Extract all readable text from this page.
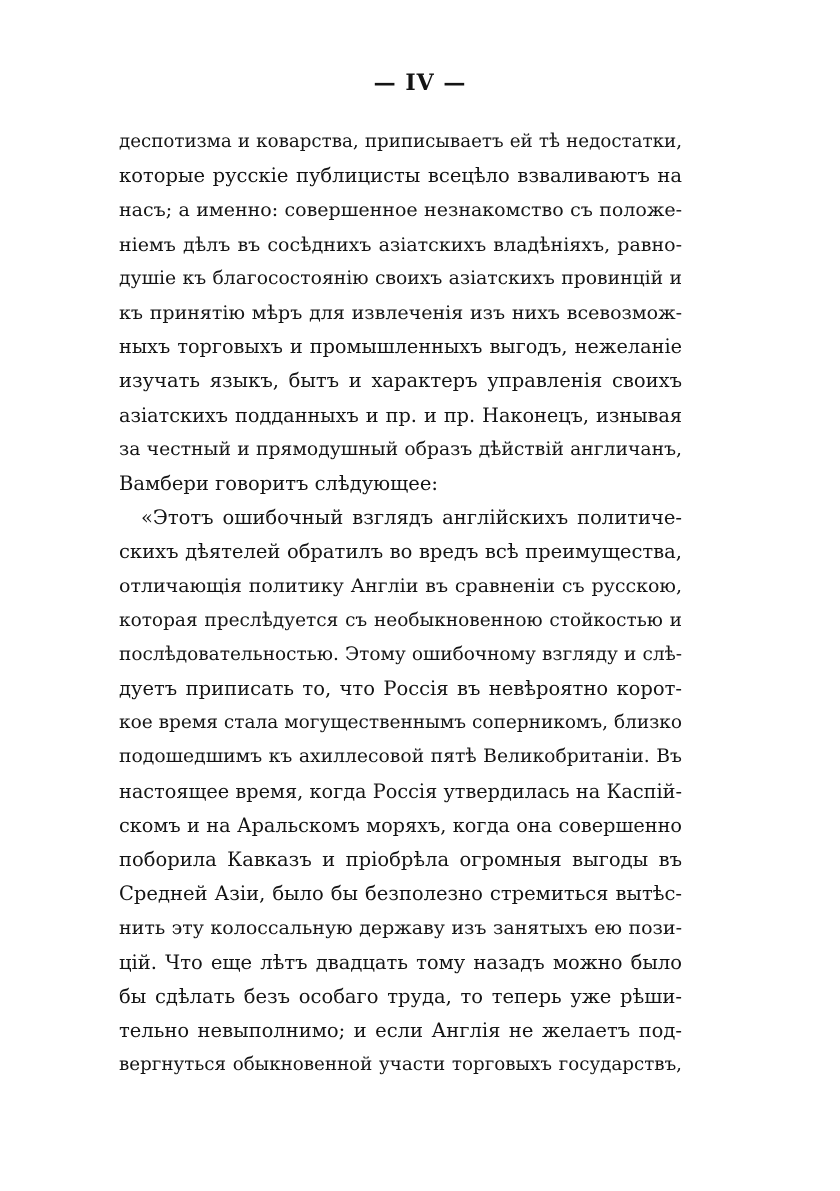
— IV —
деспотизма и коварства, приписываетъ ей тѣ недостатки,
которые русскіе публицисты всецѣло взваливаютъ на
насъ; а именно: совершенное незнакомство съ положе-
ніемъ дѣлъ въ сосѣднихъ азіатскихъ владѣніяхъ, равно-
душіе къ благосостоянію своихъ азіатскихъ провинцій и
къ принятію мѣръ для извлеченія изъ нихъ всевозмож-
ныхъ торговыхъ и промышленныхъ выгодъ, нежеланіе
изучать языкъ, бытъ и характеръ управленія своихъ
азіатскихъ подданныхъ и пр. и пр. Наконецъ, изнывая
за честный и прямодушный образъ дѣйствій англичанъ,
Вамбери говоритъ слѣдующее:
«Этотъ ошибочный взглядъ англійскихъ политиче-
скихъ дѣятелей обратилъ во вредъ всѣ преимущества,
отличающія политику Англіи въ сравненіи съ русскою,
которая преслѣдуется съ необыкновенною стойкостью и
послѣдовательностью. Этому ошибочному взгляду и слѣ-
дуетъ приписать то, что Россія въ невѣроятно корот-
кое время стала могущественнымъ соперникомъ, близко
подошедшимъ къ ахиллесовой пятѣ Великобританіи. Въ
настоящее время, когда Россія утвердилась на Каспій-
скомъ и на Аральскомъ моряхъ, когда она совершенно
поборила Кавказъ и пріобрѣла огромныя выгоды въ
Средней Азіи, было бы безполезно стремиться вытѣс-
нить эту колоссальную державу изъ занятыхъ ею пози-
цій. Что еще лѣтъ двадцать тому назадъ можно было
бы сдѣлать безъ особаго труда, то теперь уже рѣши-
тельно невыполнимо; и если Англія не желаетъ под-
вергнуться обыкновенной участи торговыхъ государствъ,
